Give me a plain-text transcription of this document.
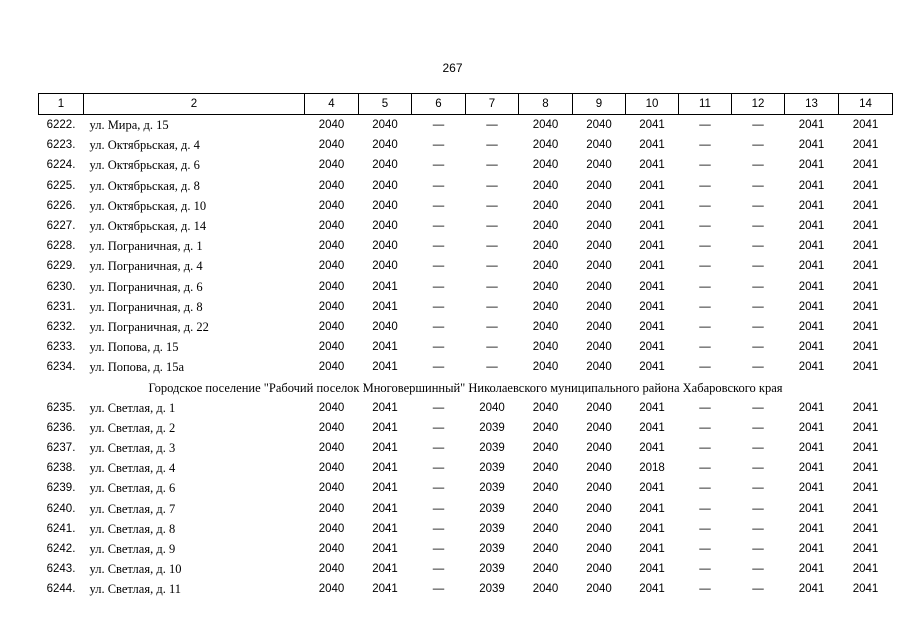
267
1	2	4	5	6	7	8	9	10	11	12	13	14
6222.	ул. Мира, д. 15	2040	2040	—	—	2040	2040	2041	—	—	2041	2041
6223.	ул. Октябрьская, д. 4	2040	2040	—	—	2040	2040	2041	—	—	2041	2041
6224.	ул. Октябрьская, д. 6	2040	2040	—	—	2040	2040	2041	—	—	2041	2041
6225.	ул. Октябрьская, д. 8	2040	2040	—	—	2040	2040	2041	—	—	2041	2041
6226.	ул. Октябрьская, д. 10	2040	2040	—	—	2040	2040	2041	—	—	2041	2041
6227.	ул. Октябрьская, д. 14	2040	2040	—	—	2040	2040	2041	—	—	2041	2041
6228.	ул. Пограничная, д. 1	2040	2040	—	—	2040	2040	2041	—	—	2041	2041
6229.	ул. Пограничная, д. 4	2040	2040	—	—	2040	2040	2041	—	—	2041	2041
6230.	ул. Пограничная, д. 6	2040	2041	—	—	2040	2040	2041	—	—	2041	2041
6231.	ул. Пограничная, д. 8	2040	2041	—	—	2040	2040	2041	—	—	2041	2041
6232.	ул. Пограничная, д. 22	2040	2040	—	—	2040	2040	2041	—	—	2041	2041
6233.	ул. Попова, д. 15	2040	2041	—	—	2040	2040	2041	—	—	2041	2041
6234.	ул. Попова, д. 15а	2040	2041	—	—	2040	2040	2041	—	—	2041	2041
Городское поселение "Рабочий поселок Многовершинный" Николаевского муниципального района Хабаровского края												
6235.	ул. Светлая, д. 1	2040	2041	—	2040	2040	2040	2041	—	—	2041	2041
6236.	ул. Светлая, д. 2	2040	2041	—	2039	2040	2040	2041	—	—	2041	2041
6237.	ул. Светлая, д. 3	2040	2041	—	2039	2040	2040	2041	—	—	2041	2041
6238.	ул. Светлая, д. 4	2040	2041	—	2039	2040	2040	2018	—	—	2041	2041
6239.	ул. Светлая, д. 6	2040	2041	—	2039	2040	2040	2041	—	—	2041	2041
6240.	ул. Светлая, д. 7	2040	2041	—	2039	2040	2040	2041	—	—	2041	2041
6241.	ул. Светлая, д. 8	2040	2041	—	2039	2040	2040	2041	—	—	2041	2041
6242.	ул. Светлая, д. 9	2040	2041	—	2039	2040	2040	2041	—	—	2041	2041
6243.	ул. Светлая, д. 10	2040	2041	—	2039	2040	2040	2041	—	—	2041	2041
6244.	ул. Светлая, д. 11	2040	2041	—	2039	2040	2040	2041	—	—	2041	2041
